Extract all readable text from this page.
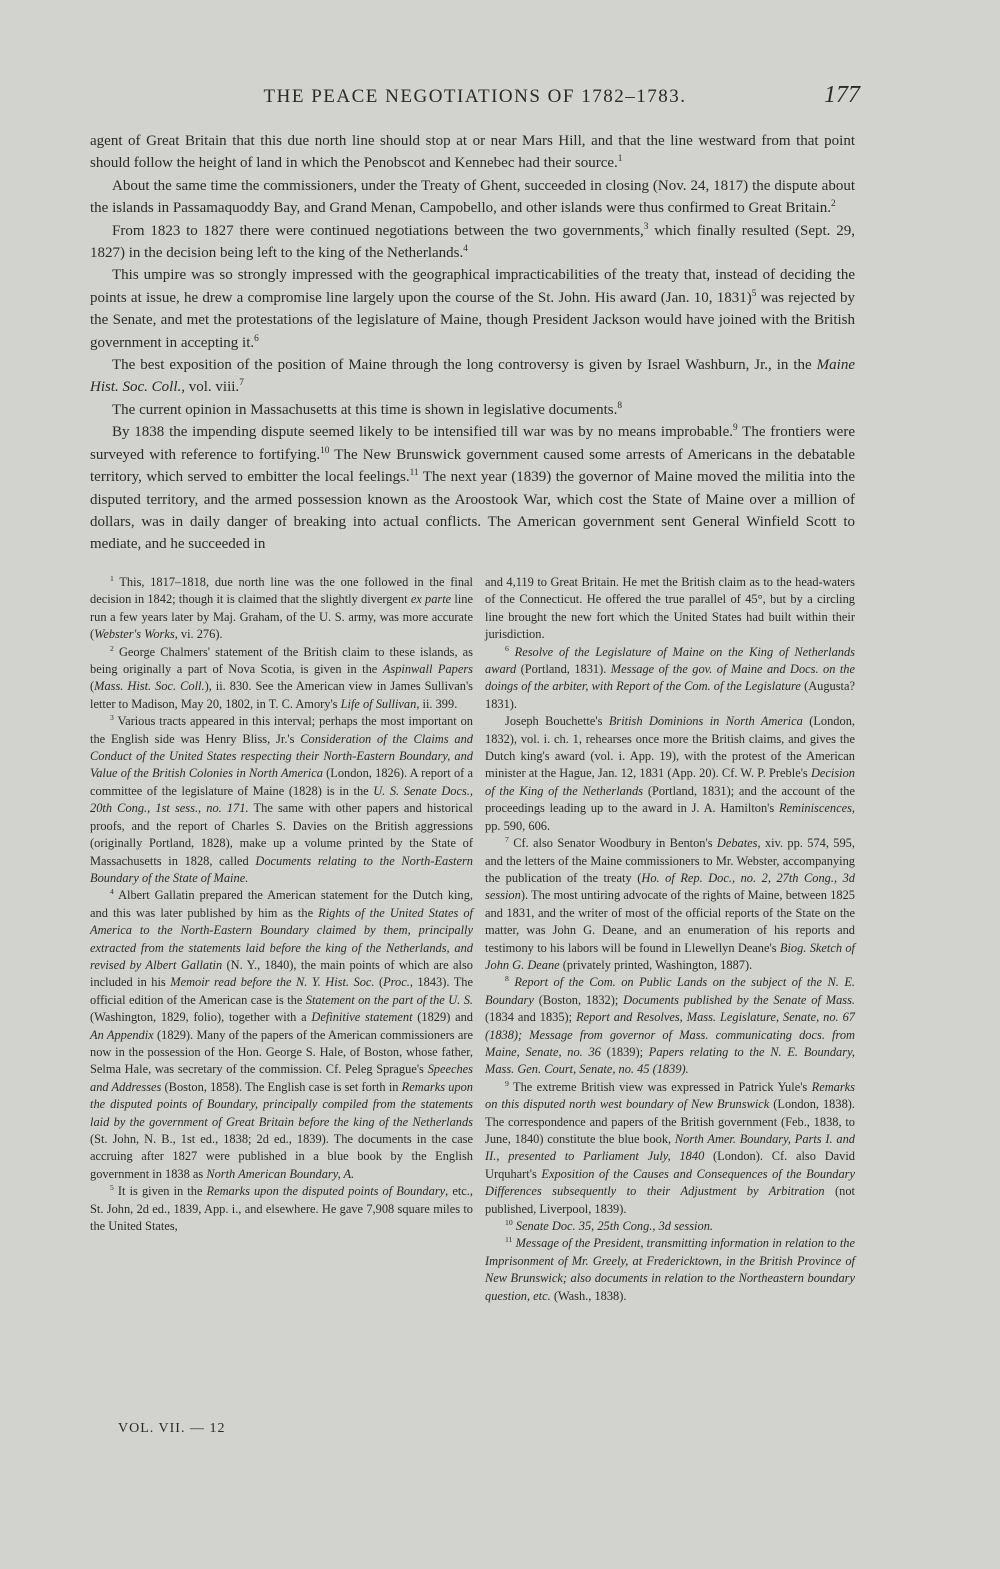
THE PEACE NEGOTIATIONS OF 1782–1783.	177

agent of Great Britain that this due north line should stop at or near Mars Hill, and that the line westward from that point should follow the height of land in which the Penobscot and Kennebec had their source.$^1$

About the same time the commissioners, under the Treaty of Ghent, succeeded in closing (Nov. 24, 1817) the dispute about the islands in Passamaquoddy Bay, and Grand Menan, Campobello, and other islands were thus confirmed to Great Britain.$^2$

From 1823 to 1827 there were continued negotiations between the two governments,$^3$ which finally resulted (Sept. 29, 1827) in the decision being left to the king of the Netherlands.$^4$

This umpire was so strongly impressed with the geographical impracticabilities of the treaty that, instead of deciding the points at issue, he drew a compromise line largely upon the course of the St. John. His award (Jan. 10, 1831)$^5$ was rejected by the Senate, and met the protestations of the legislature of Maine, though President Jackson would have joined with the British government in accepting it.$^6$

The best exposition of the position of Maine through the long controversy is given by Israel Washburn, Jr., in the Maine Hist. Soc. Coll., vol. viii.$^7$

The current opinion in Massachusetts at this time is shown in legislative documents.$^8$

By 1838 the impending dispute seemed likely to be intensified till war was by no means improbable.$^9$ The frontiers were surveyed with reference to fortifying.$^{10}$ The New Brunswick government caused some arrests of Americans in the debatable territory, which served to embitter the local feelings.$^{11}$ The next year (1839) the governor of Maine moved the militia into the disputed territory, and the armed possession known as the Aroostook War, which cost the State of Maine over a million of dollars, was in daily danger of breaking into actual conflicts. The American government sent General Winfield Scott to mediate, and he succeeded in

$^1$ This, 1817–1818, due north line was the one followed in the final decision in 1842; though it is claimed that the slightly divergent ex parte line run a few years later by Maj. Graham, of the U. S. army, was more accurate (Webster's Works, vi. 276).

$^2$ George Chalmers' statement of the British claim to these islands, as being originally a part of Nova Scotia, is given in the Aspinwall Papers (Mass. Hist. Soc. Coll.), ii. 830. See the American view in James Sullivan's letter to Madison, May 20, 1802, in T. C. Amory's Life of Sullivan, ii. 399.

$^3$ Various tracts appeared in this interval; perhaps the most important on the English side was Henry Bliss, Jr.'s Consideration of the Claims and Conduct of the United States respecting their North-Eastern Boundary, and Value of the British Colonies in North America (London, 1826). A report of a committee of the legislature of Maine (1828) is in the U. S. Senate Docs., 20th Cong., 1st sess., no. 171. The same with other papers and historical proofs, and the report of Charles S. Davies on the British aggressions (originally Portland, 1828), make up a volume printed by the State of Massachusetts in 1828, called Documents relating to the North-Eastern Boundary of the State of Maine.

$^4$ Albert Gallatin prepared the American statement for the Dutch king, and this was later published by him as the Rights of the United States of America to the North-Eastern Boundary claimed by them, principally extracted from the statements laid before the king of the Netherlands, and revised by Albert Gallatin (N. Y., 1840), the main points of which are also included in his Memoir read before the N. Y. Hist. Soc. (Proc., 1843). The official edition of the American case is the Statement on the part of the U. S. (Washington, 1829, folio), together with a Definitive statement (1829) and An Appendix (1829). Many of the papers of the American commissioners are now in the possession of the Hon. George S. Hale, of Boston, whose father, Selma Hale, was secretary of the commission. Cf. Peleg Sprague's Speeches and Addresses (Boston, 1858). The English case is set forth in Remarks upon the disputed points of Boundary, principally compiled from the statements laid by the government of Great Britain before the king of the Netherlands (St. John, N. B., 1st ed., 1838; 2d ed., 1839). The documents in the case accruing after 1827 were published in a blue book by the English government in 1838 as North American Boundary, A.

$^5$ It is given in the Remarks upon the disputed points of Boundary, etc., St. John, 2d ed., 1839, App. i., and elsewhere. He gave 7,908 square miles to the United States,

and 4,119 to Great Britain. He met the British claim as to the head-waters of the Connecticut. He offered the true parallel of 45°, but by a circling line brought the new fort which the United States had built within their jurisdiction.

$^6$ Resolve of the Legislature of Maine on the King of Netherlands award (Portland, 1831). Message of the gov. of Maine and Docs. on the doings of the arbiter, with Report of the Com. of the Legislature (Augusta? 1831).

Joseph Bouchette's British Dominions in North America (London, 1832), vol. i. ch. 1, rehearses once more the British claims, and gives the Dutch king's award (vol. i. App. 19), with the protest of the American minister at the Hague, Jan. 12, 1831 (App. 20). Cf. W. P. Preble's Decision of the King of the Netherlands (Portland, 1831); and the account of the proceedings leading up to the award in J. A. Hamilton's Reminiscences, pp. 590, 606.

$^7$ Cf. also Senator Woodbury in Benton's Debates, xiv. pp. 574, 595, and the letters of the Maine commissioners to Mr. Webster, accompanying the publication of the treaty (Ho. of Rep. Doc., no. 2, 27th Cong., 3d session). The most untiring advocate of the rights of Maine, between 1825 and 1831, and the writer of most of the official reports of the State on the matter, was John G. Deane, and an enumeration of his reports and testimony to his labors will be found in Llewellyn Deane's Biog. Sketch of John G. Deane (privately printed, Washington, 1887).

$^8$ Report of the Com. on Public Lands on the subject of the N. E. Boundary (Boston, 1832); Documents published by the Senate of Mass. (1834 and 1835); Report and Resolves, Mass. Legislature, Senate, no. 67 (1838); Message from governor of Mass. communicating docs. from Maine, Senate, no. 36 (1839); Papers relating to the N. E. Boundary, Mass. Gen. Court, Senate, no. 45 (1839).

$^9$ The extreme British view was expressed in Patrick Yule's Remarks on this disputed north west boundary of New Brunswick (London, 1838). The correspondence and papers of the British government (Feb., 1838, to June, 1840) constitute the blue book, North Amer. Boundary, Parts I. and II., presented to Parliament July, 1840 (London). Cf. also David Urquhart's Exposition of the Causes and Consequences of the Boundary Differences subsequently to their Adjustment by Arbitration (not published, Liverpool, 1839).

$^{10}$ Senate Doc. 35, 25th Cong., 3d session.

$^{11}$ Message of the President, transmitting information in relation to the Imprisonment of Mr. Greely, at Fredericktown, in the British Province of New Brunswick; also documents in relation to the Northeastern boundary question, etc. (Wash., 1838).

VOL. VII. — 12
